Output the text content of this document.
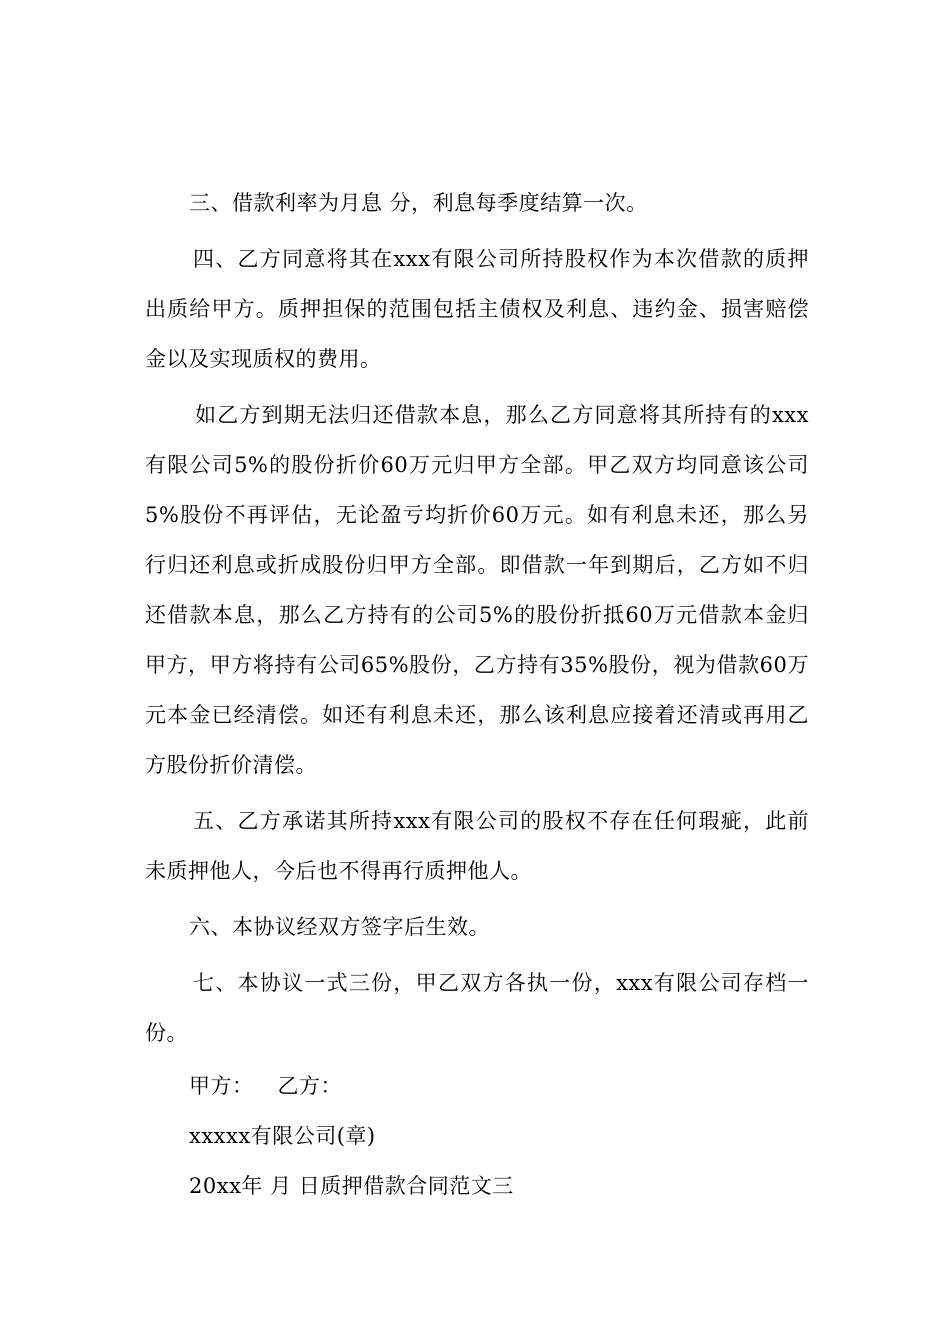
三、借款利率为月息 分，利息每季度结算一次。

四、乙方同意将其在xxx有限公司所持股权作为本次借款的质押出质给甲方。质押担保的范围包括主债权及利息、违约金、损害赔偿金以及实现质权的费用。

如乙方到期无法归还借款本息，那么乙方同意将其所持有的xxx有限公司5%的股份折价60万元归甲方全部。甲乙双方均同意该公司5%股份不再评估，无论盈亏均折价60万元。如有利息未还，那么另行归还利息或折成股份归甲方全部。即借款一年到期后，乙方如不归还借款本息，那么乙方持有的公司5%的股份折抵60万元借款本金归甲方，甲方将持有公司65%股份，乙方持有35%股份，视为借款60万元本金已经清偿。如还有利息未还，那么该利息应接着还清或再用乙方股份折价清偿。

五、乙方承诺其所持xxx有限公司的股权不存在任何瑕疵，此前未质押他人，今后也不得再行质押他人。

六、本协议经双方签字后生效。

七、本协议一式三份，甲乙双方各执一份，xxx有限公司存档一份。

甲方： 乙方：
xxxxx有限公司(章)
20xx年 月 日质押借款合同范文三
